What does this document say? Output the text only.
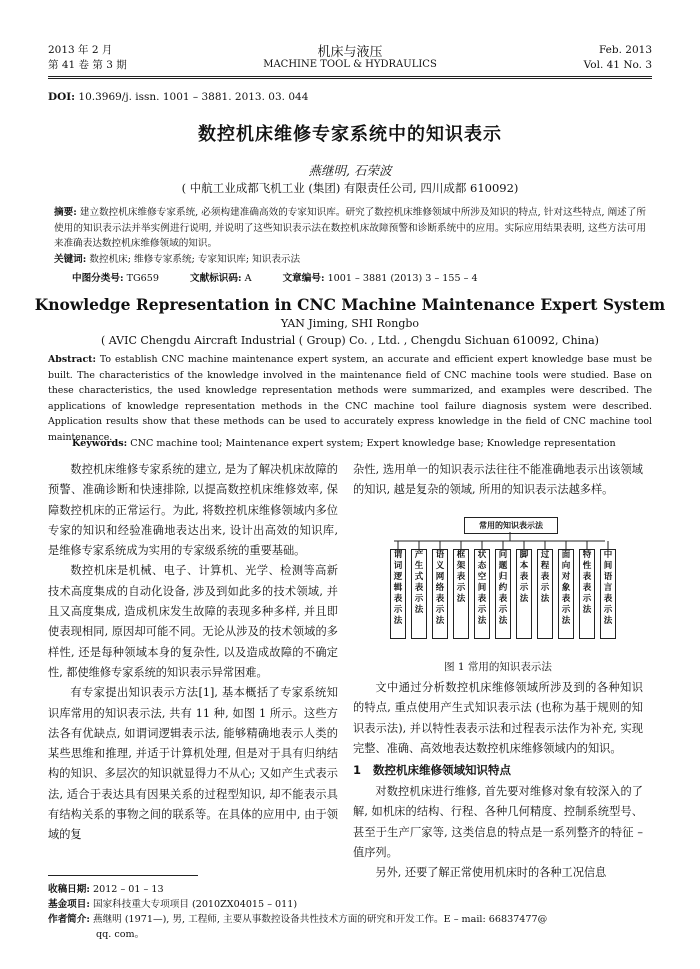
2013 年 2 月
第 41 卷 第 3 期
机床与液压
MACHINE TOOL & HYDRAULICS
Feb. 2013
Vol. 41 No. 3
DOI: 10.3969/j. issn. 1001 – 3881. 2013. 03. 044
数控机床维修专家系统中的知识表示
燕继明, 石荣波
( 中航工业成都飞机工业 (集团) 有限责任公司, 四川成都 610092)
摘要: 建立数控机床维修专家系统, 必须构建准确高效的专家知识库。研究了数控机床维修领域中所涉及知识的特点, 针对这些特点, 阐述了所使用的知识表示法并举实例进行说明, 并说明了这些知识表示法在数控机床故障预警和诊断系统中的应用。实际应用结果表明, 这些方法可用来准确表达数控机床维修领域的知识。
关键词: 数控机床; 维修专家系统; 专家知识库; 知识表示法
中图分类号: TG659	文献标识码: A	文章编号: 1001 – 3881 (2013) 3 – 155 – 4
Knowledge Representation in CNC Machine Maintenance Expert System
YAN Jiming, SHI Rongbo
( AVIC Chengdu Aircraft Industrial ( Group) Co. , Ltd. , Chengdu Sichuan 610092, China)
Abstract: To establish CNC machine maintenance expert system, an accurate and efficient expert knowledge base must be built. The characteristics of the knowledge involved in the maintenance field of CNC machine tools were studied. Base on these characteristics, the used knowledge representation methods were summarized, and examples were described. The applications of knowledge representation methods in the CNC machine tool failure diagnosis system were described. Application results show that these methods can be used to accurately express knowledge in the field of CNC machine tool maintenance.
Keywords: CNC machine tool; Maintenance expert system; Expert knowledge base; Knowledge representation

数控机床维修专家系统的建立, 是为了解决机床故障的预警、准确诊断和快速排除, 以提高数控机床维修效率, 保障数控机床的正常运行。为此, 将数控机床维修领域内多位专家的知识和经验准确地表达出来, 设计出高效的知识库, 是维修专家系统成为实用的专家级系统的重要基础。

数控机床是机械、电子、计算机、光学、检测等高新技术高度集成的自动化设备, 涉及到如此多的技术领域, 并且又高度集成, 造成机床发生故障的表现多种多样, 并且即使表现相同, 原因却可能不同。无论从涉及的技术领域的多样性, 还是每种领域本身的复杂性, 以及造成故障的不确定性, 都使维修专家系统的知识表示异常困难。

有专家提出知识表示方法[1], 基本概括了专家系统知识库常用的知识表示法, 共有 11 种, 如图 1 所示。这些方法各有优缺点, 如谓词逻辑表示法, 能够精确地表示人类的某些思维和推理, 并适于计算机处理, 但是对于具有归纳结构的知识、多层次的知识就显得力不从心; 又如产生式表示法, 适合于表达具有因果关系的过程型知识, 却不能表示具有结构关系的事物之间的联系等。在具体的应用中, 由于领域的复

杂性, 选用单一的知识表示法往往不能准确地表示出该领域的知识, 越是复杂的领域, 所用的知识表示法越多样。

常用的知识表示法
谓词逻辑表示法
产生式表示法
语义网络表示法
框架表示法
状态空间表示法
问题归约表示法
脚本表示法
过程表示法
面向对象表示法
特性表表示法
中间语言表示法
图 1 常用的知识表示法

文中通过分析数控机床维修领域所涉及到的各种知识的特点, 重点使用产生式知识表示法 (也称为基于规则的知识表示法), 并以特性表表示法和过程表示法作为补充, 实现完整、准确、高效地表达数控机床维修领域内的知识。

1 数控机床维修领域知识特点

对数控机床进行维修, 首先要对维修对象有较深入的了解, 如机床的结构、行程、各种几何精度、控制系统型号、甚至于生产厂家等, 这类信息的特点是一系列整齐的特征 – 值序列。

另外, 还要了解正常使用机床时的各种工况信息

收稿日期: 2012 – 01 – 13
基金项目: 国家科技重大专项项目 (2010ZX04015 – 011)
作者简介: 燕继明 (1971—), 男, 工程师, 主要从事数控设备共性技术方面的研究和开发工作。E – mail: 66837477@
qq. com。
